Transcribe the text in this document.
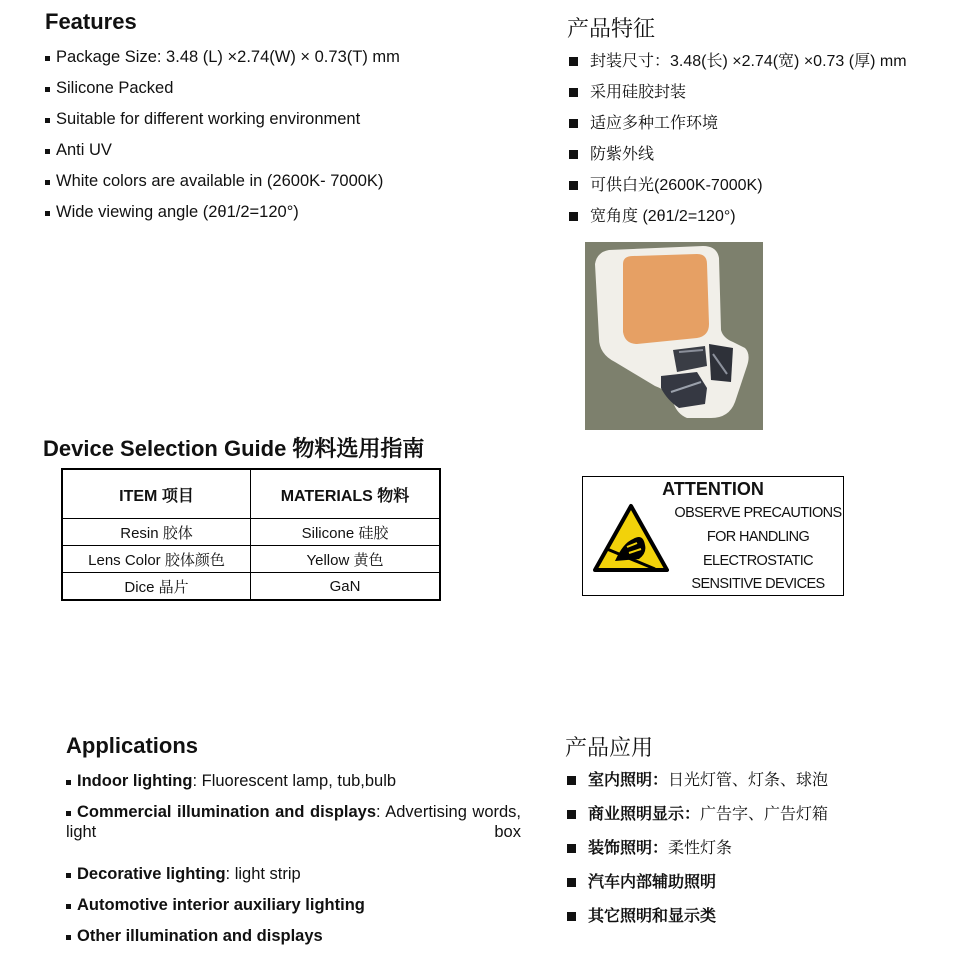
Features
Package Size: 3.48 (L) ×2.74(W) × 0.73(T) mm
Silicone Packed
Suitable for different working environment
Anti UV
White colors are available in (2600K- 7000K)
Wide viewing angle (2θ1/2=120°)
产品特征
封装尺寸：3.48(长) ×2.74(宽) ×0.73 (厚) mm
采用硅胶封装
适应多种工作环境
防紫外线
可供白光(2600K-7000K)
宽角度 (2θ1/2=120°)
Device Selection Guide 物料选用指南
ITEM 项目	MATERIALS 物料
Resin 胶体	Silicone 硅胶
Lens Color 胶体颜色	Yellow 黄色
Dice 晶片	GaN
ATTENTION
OBSERVE PRECAUTIONS
FOR HANDLING
ELECTROSTATIC
SENSITIVE DEVICES
Applications
Indoor lighting: Fluorescent lamp, tub,bulb
Commercial illumination and displays: Advertising words, light box
Decorative lighting: light strip
Automotive interior auxiliary lighting
Other illumination and displays
产品应用
室内照明：日光灯管、灯条、球泡
商业照明显示：广告字、广告灯箱
装饰照明：柔性灯条
汽车内部辅助照明
其它照明和显示类
